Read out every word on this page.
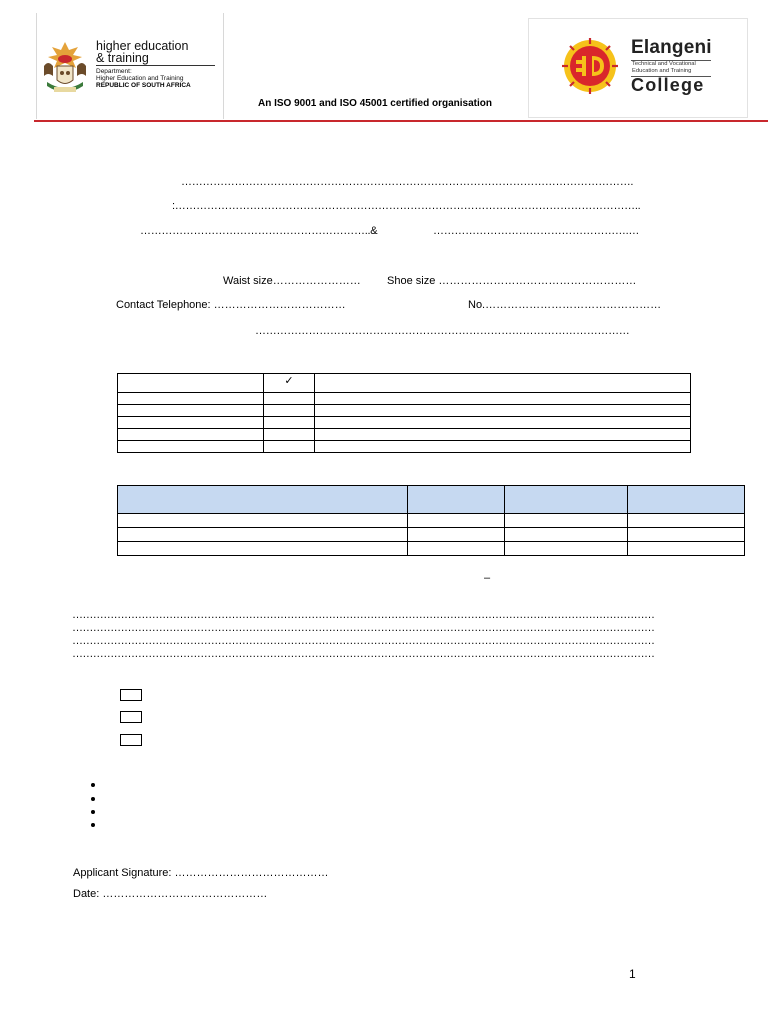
higher education
& training
Department:
Higher Education and Training
REPUBLIC OF SOUTH AFRICA
Elangeni
Technical and Vocational
Education and Training
College
An ISO 9001 and ISO 45001 certified organisation
……………………………………………………………………………………………………………….
:…………………………………………………………………………………………………………………..
………………………………………………………..&	……………………………………………….…
Waist size…………………… Shoe size ………………………………………………
Contact Telephone: ………………………………	No.…………………………………………
……………………………………………………………………………………………
	✓	

–
……………………………………………………………………………………………………………………………………………………
……………………………………………………………………………………………………………………………………………………
……………………………………………………………………………………………………………………………………………………
……………………………………………………………………………………………………………………………………………………
Applicant Signature: ……………………………………
Date: ………………………………………
1
